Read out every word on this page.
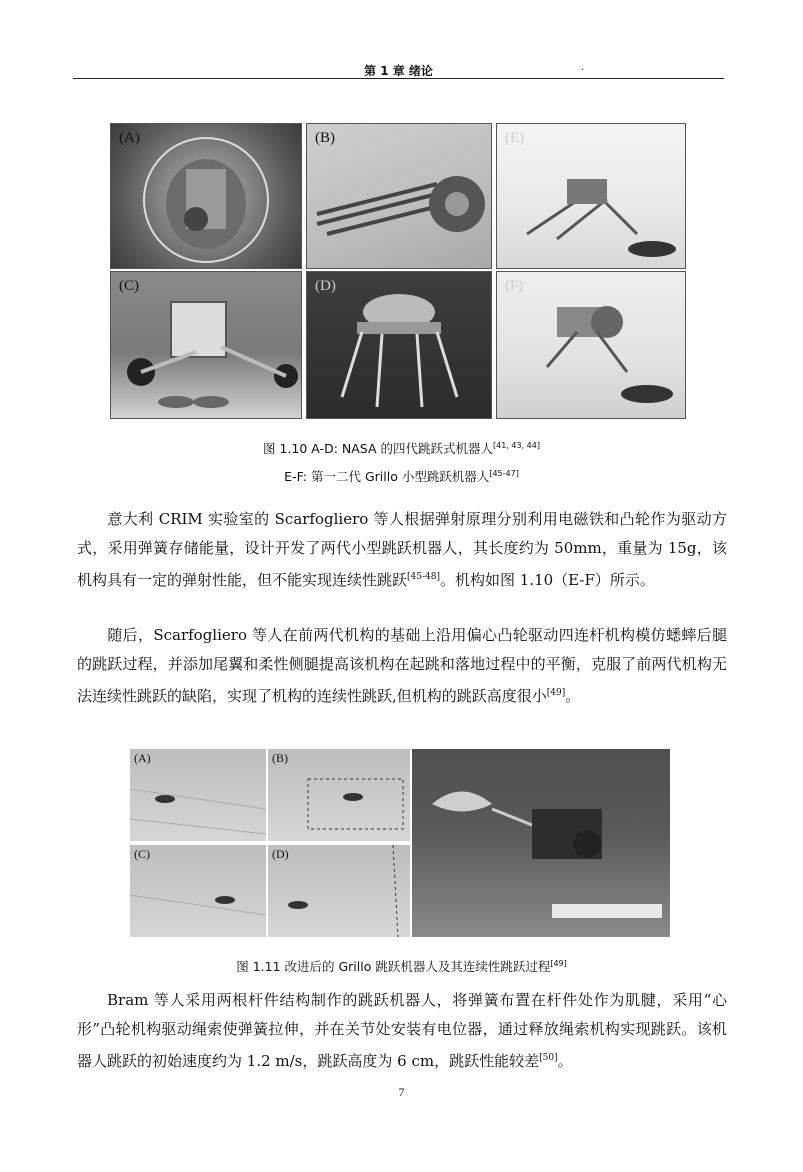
第 1 章 绪论	.
(A)	(B)	(E)
(C)	(D)	(F)
图 1.10 A-D: NASA 的四代跳跃式机器人[41, 43, 44]
E-F: 第一二代 Grillo 小型跳跃机器人[45-47]
意大利 CRIM 实验室的 Scarfogliero 等人根据弹射原理分别利用电磁铁和凸轮作为驱动方式，采用弹簧存储能量，设计开发了两代小型跳跃机器人，其长度约为 50mm，重量为 15g，该机构具有一定的弹射性能，但不能实现连续性跳跃[45-48]。机构如图 1.10（E-F）所示。
随后，Scarfogliero 等人在前两代机构的基础上沿用偏心凸轮驱动四连杆机构模仿蟋蟀后腿的跳跃过程，并添加尾翼和柔性侧腿提高该机构在起跳和落地过程中的平衡，克服了前两代机构无法连续性跳跃的缺陷，实现了机构的连续性跳跃,但机构的跳跃高度很小[49]。
(A)	(B)
(C)	(D)
图 1.11 改进后的 Grillo 跳跃机器人及其连续性跳跃过程[49]
Bram 等人采用两根杆件结构制作的跳跃机器人，将弹簧布置在杆件处作为肌腱，采用“心形”凸轮机构驱动绳索使弹簧拉伸，并在关节处安装有电位器，通过释放绳索机构实现跳跃。该机器人跳跃的初始速度约为 1.2 m/s，跳跃高度为 6 cm，跳跃性能较差[50]。
7
